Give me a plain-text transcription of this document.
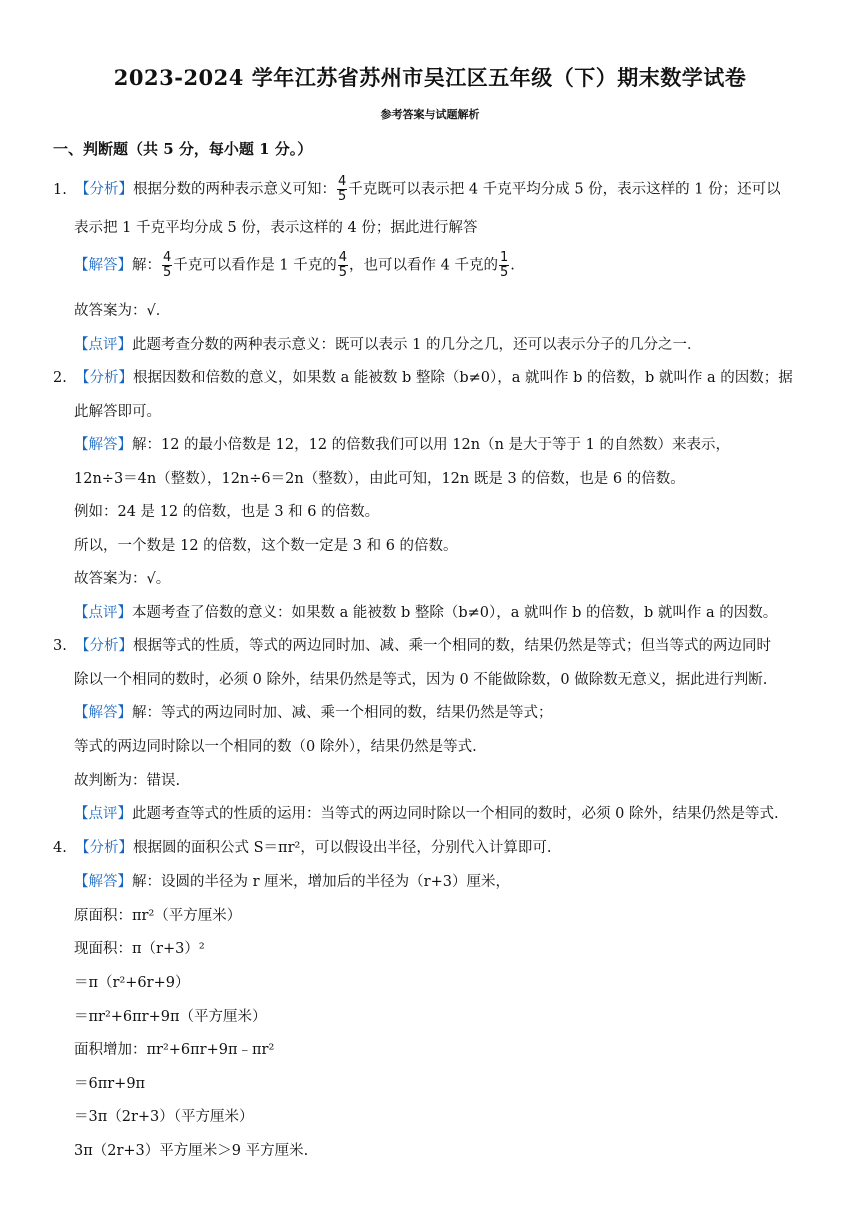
2023-2024 学年江苏省苏州市吴江区五年级（下）期末数学试卷
参考答案与试题解析
一、判断题（共 5 分，每小题 1 分。）
1. 【分析】根据分数的两种表示意义可知： $\frac{4}{5}$ 千克既可以表示把 4 千克平均分成 5 份，表示这样的 1 份；还可以
表示把 1 千克平均分成 5 份，表示这样的 4 份；据此进行解答
【解答】解： $\frac{4}{5}$ 千克可以看作是 1 千克的 $\frac{4}{5}$ ，也可以看作 4 千克的 $\frac{1}{5}$ .
故答案为：√．
【点评】此题考查分数的两种表示意义：既可以表示 1 的几分之几，还可以表示分子的几分之一．
2. 【分析】根据因数和倍数的意义，如果数 a 能被数 b 整除（b≠0），a 就叫作 b 的倍数，b 就叫作 a 的因数；据
此解答即可。
【解答】解：12 的最小倍数是 12，12 的倍数我们可以用 12n（n 是大于等于 1 的自然数）来表示，
12n÷3＝4n（整数），12n÷6＝2n（整数），由此可知，12n 既是 3 的倍数，也是 6 的倍数。
例如：24 是 12 的倍数，也是 3 和 6 的倍数。
所以，一个数是 12 的倍数，这个数一定是 3 和 6 的倍数。
故答案为：√。
【点评】本题考查了倍数的意义：如果数 a 能被数 b 整除（b≠0），a 就叫作 b 的倍数，b 就叫作 a 的因数。
3. 【分析】根据等式的性质，等式的两边同时加、减、乘一个相同的数，结果仍然是等式；但当等式的两边同时
除以一个相同的数时，必须 0 除外，结果仍然是等式，因为 0 不能做除数，0 做除数无意义，据此进行判断.
【解答】解：等式的两边同时加、减、乘一个相同的数，结果仍然是等式；
等式的两边同时除以一个相同的数（0 除外），结果仍然是等式.
故判断为：错误.
【点评】此题考查等式的性质的运用：当等式的两边同时除以一个相同的数时，必须 0 除外，结果仍然是等式.
4. 【分析】根据圆的面积公式 S＝πr²，可以假设出半径，分别代入计算即可.
【解答】解：设圆的半径为 r 厘米，增加后的半径为（r+3）厘米，
原面积：πr²（平方厘米）
现面积：π（r+3）²
＝π（r²+6r+9）
＝πr²+6πr+9π（平方厘米）
面积增加：πr²+6πr+9π﹣πr²
＝6πr+9π
＝3π（2r+3）（平方厘米）
3π（2r+3）平方厘米＞9 平方厘米.
